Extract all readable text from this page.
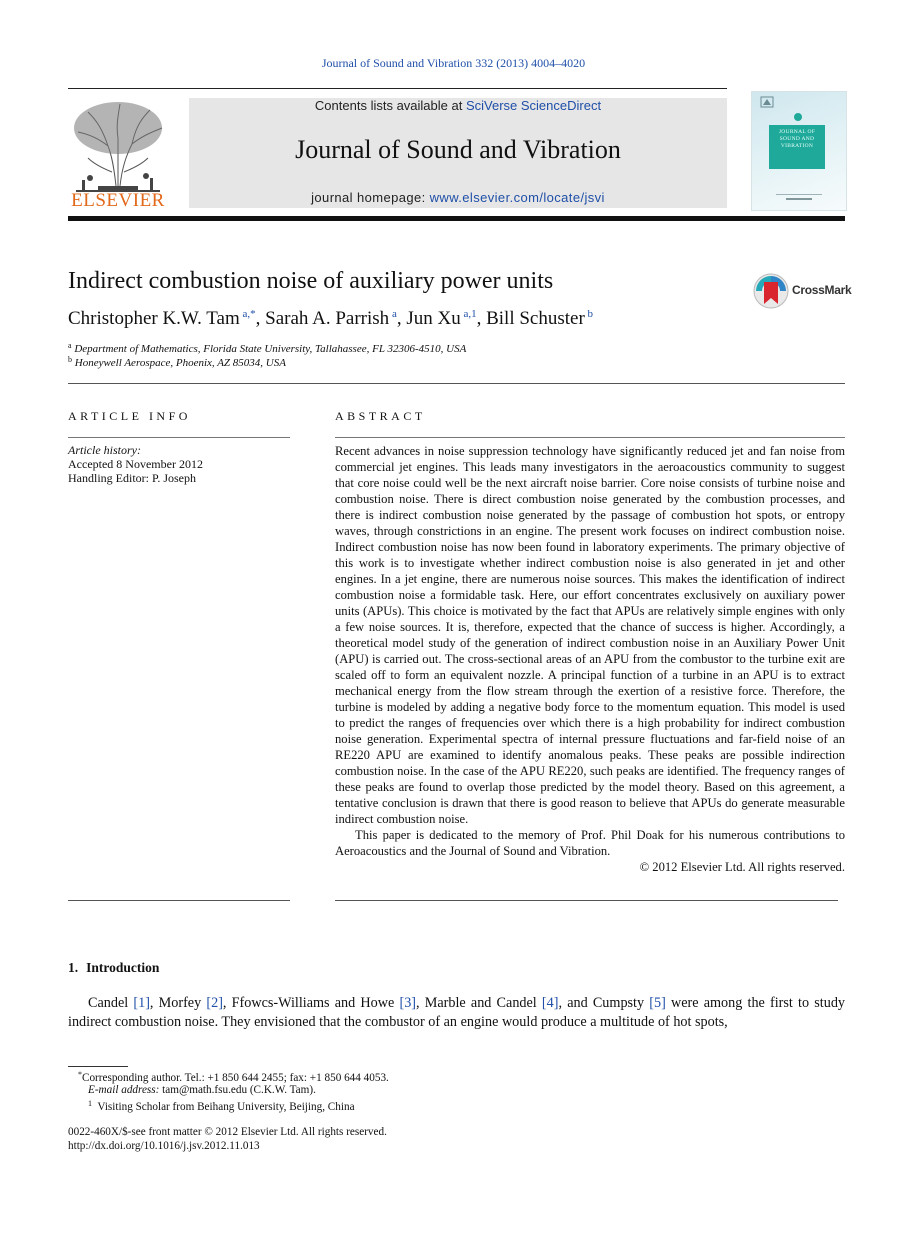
Journal of Sound and Vibration 332 (2013) 4004–4020
ELSEVIER
Contents lists available at SciVerse ScienceDirect
Journal of Sound and Vibration
journal homepage: www.elsevier.com/locate/jsvi
JOURNAL OF
SOUND AND
VIBRATION
Indirect combustion noise of auxiliary power units	CrossMark
Christopher K.W. Tam $^{a,*}$, Sarah A. Parrish $^a$, Jun Xu $^{a,1}$, Bill Schuster $^b$
$^a$ Department of Mathematics, Florida State University, Tallahassee, FL 32306-4510, USA
$^b$ Honeywell Aerospace, Phoenix, AZ 85034, USA
ARTICLE INFO	ABSTRACT
Article history:
Accepted 8 November 2012
Handling Editor: P. Joseph

Recent advances in noise suppression technology have significantly reduced jet and fan noise from commercial jet engines. This leads many investigators in the aeroacoustics community to suggest that core noise could well be the next aircraft noise barrier. Core noise consists of turbine noise and combustion noise. There is direct combustion noise generated by the combustion processes, and there is indirect combustion noise generated by the passage of combustion hot spots, or entropy waves, through constrictions in an engine. The present work focuses on indirect combustion noise. Indirect combustion noise has now been found in laboratory experiments. The primary objective of this work is to investigate whether indirect combustion noise is also generated in jet and other engines. In a jet engine, there are numerous noise sources. This makes the identification of indirect combustion noise a formidable task. Here, our effort concentrates exclusively on auxiliary power units (APUs). This choice is motivated by the fact that APUs are relatively simple engines with only a few noise sources. It is, therefore, expected that the chance of success is higher. Accordingly, a theoretical model study of the generation of indirect combustion noise in an Auxiliary Power Unit (APU) is carried out. The cross-sectional areas of an APU from the combustor to the turbine exit are scaled off to form an equivalent nozzle. A principal function of a turbine in an APU is to extract mechanical energy from the flow stream through the exertion of a resistive force. Therefore, the turbine is modeled by adding a negative body force to the momentum equation. This model is used to predict the ranges of frequencies over which there is a high probability for indirect combustion noise generation. Experimental spectra of internal pressure fluctuations and far-field noise of an RE220 APU are examined to identify anomalous peaks. These peaks are possible indirection combustion noise. In the case of the APU RE220, such peaks are identified. The frequency ranges of these peaks are found to overlap those predicted by the model theory. Based on this agreement, a tentative conclusion is drawn that there is good reason to believe that APUs do generate measurable indirect combustion noise.

This paper is dedicated to the memory of Prof. Phil Doak for his numerous contributions to Aeroacoustics and the Journal of Sound and Vibration.

© 2012 Elsevier Ltd. All rights reserved.

1. Introduction
Candel [1], Morfey [2], Ffowcs-Williams and Howe [3], Marble and Candel [4], and Cumpsty [5] were among the first to study indirect combustion noise. They envisioned that the combustor of an engine would produce a multitude of hot spots,
*Corresponding author. Tel.: +1 850 644 2455; fax: +1 850 644 4053.
E-mail address: tam@math.fsu.edu (C.K.W. Tam).
$^1$ Visiting Scholar from Beihang University, Beijing, China
0022-460X/$-see front matter © 2012 Elsevier Ltd. All rights reserved.
http://dx.doi.org/10.1016/j.jsv.2012.11.013
